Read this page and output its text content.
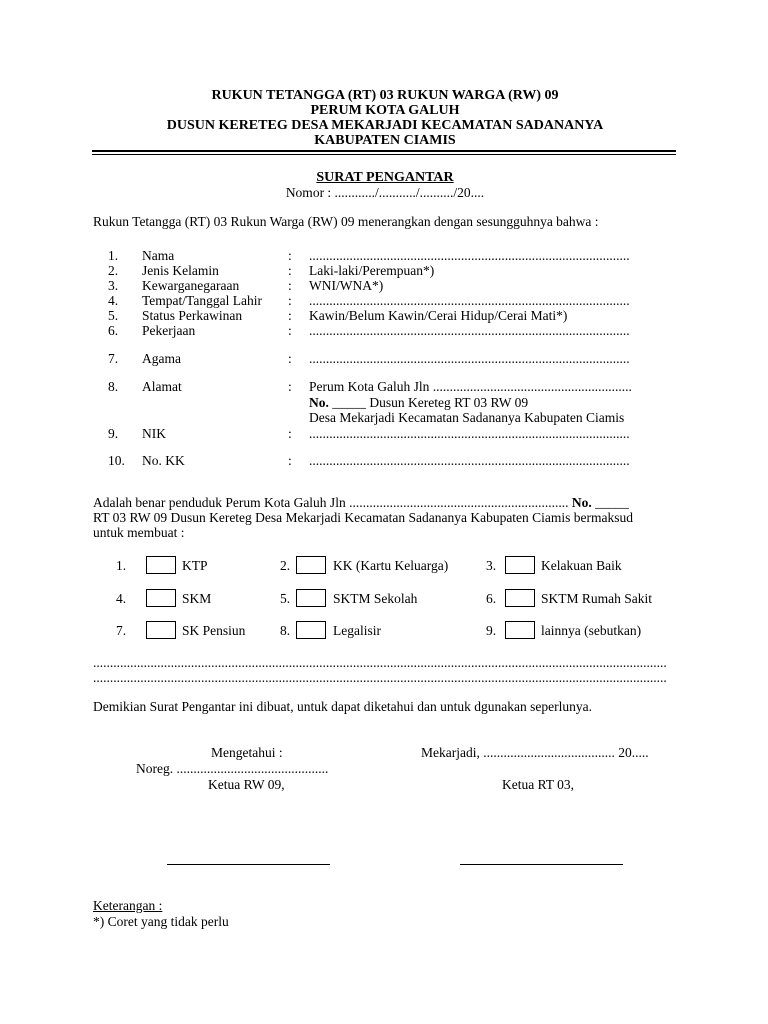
RUKUN TETANGGA (RT) 03 RUKUN WARGA (RW) 09
PERUM KOTA GALUH
DUSUN KERETEG DESA MEKARJADI KECAMATAN SADANANYA
KABUPATEN CIAMIS
SURAT PENGANTAR
Nomor : ............/.........../........../20....
Rukun Tetangga (RT) 03 Rukun Warga (RW) 09 menerangkan dengan sesungguhnya bahwa :
1. Nama	: ...............................................................................................
2. Jenis Kelamin	: Laki-laki/Perempuan*)
3. Kewarganegaraan	: WNI/WNA*)
4. Tempat/Tanggal Lahir : ...............................................................................................
5. Status Perkawinan	: Kawin/Belum Kawin/Cerai Hidup/Cerai Mati*)
6. Pekerjaan	: ...............................................................................................
7. Agama	: ...............................................................................................
8. Alamat	: Perum Kota Galuh Jln ...........................................................
No. _____ Dusun Kereteg RT 03 RW 09
Desa Mekarjadi Kecamatan Sadananya Kabupaten Ciamis
9. NIK	: ...............................................................................................
10. No. KK	: ...............................................................................................
Adalah benar penduduk Perum Kota Galuh Jln ................................................................. No. _____
RT 03 RW 09 Dusun Kereteg Desa Mekarjadi Kecamatan Sadananya Kabupaten Ciamis bermaksud
untuk membuat :
1.	KTP	2.	KK (Kartu Keluarga)	3.	Kelakuan Baik
4.	SKM	5.	SKTM Sekolah	6.	SKTM Rumah Sakit
7.	SK Pensiun	8.	Legalisir	9.	lainnya (sebutkan)
..........................................................................................................................................................................
..........................................................................................................................................................................
Demikian Surat Pengantar ini dibuat, untuk dapat diketahui dan untuk dgunakan seperlunya.
Mengetahui :	Mekarjadi, ....................................... 20.....
Noreg. .............................................
Ketua RW 09,	Ketua RT 03,
Keterangan :
*) Coret yang tidak perlu
